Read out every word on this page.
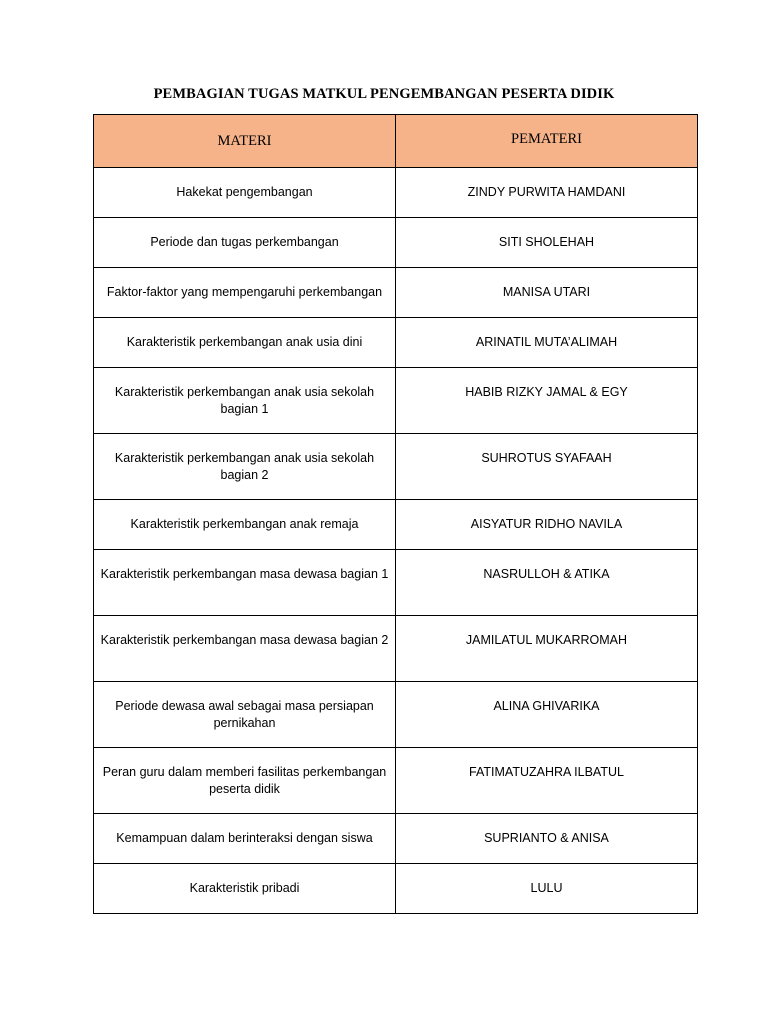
PEMBAGIAN TUGAS MATKUL PENGEMBANGAN PESERTA DIDIK
MATERI	PEMATERI
Hakekat pengembangan	ZINDY PURWITA HAMDANI
Periode dan tugas perkembangan	SITI SHOLEHAH
Faktor-faktor yang mempengaruhi perkembangan	MANISA UTARI
Karakteristik perkembangan anak usia dini	ARINATIL MUTA’ALIMAH
Karakteristik perkembangan anak usia sekolah bagian 1	HABIB RIZKY JAMAL & EGY
Karakteristik perkembangan anak usia sekolah bagian 2	SUHROTUS SYAFAAH
Karakteristik perkembangan anak remaja	AISYATUR RIDHO NAVILA
Karakteristik perkembangan masa dewasa bagian 1	NASRULLOH & ATIKA
Karakteristik perkembangan masa dewasa bagian 2	JAMILATUL MUKARROMAH
Periode dewasa awal sebagai masa persiapan pernikahan	ALINA GHIVARIKA
Peran guru dalam memberi fasilitas perkembangan peserta didik	FATIMATUZAHRA ILBATUL
Kemampuan dalam berinteraksi dengan siswa	SUPRIANTO & ANISA
Karakteristik pribadi	LULU
